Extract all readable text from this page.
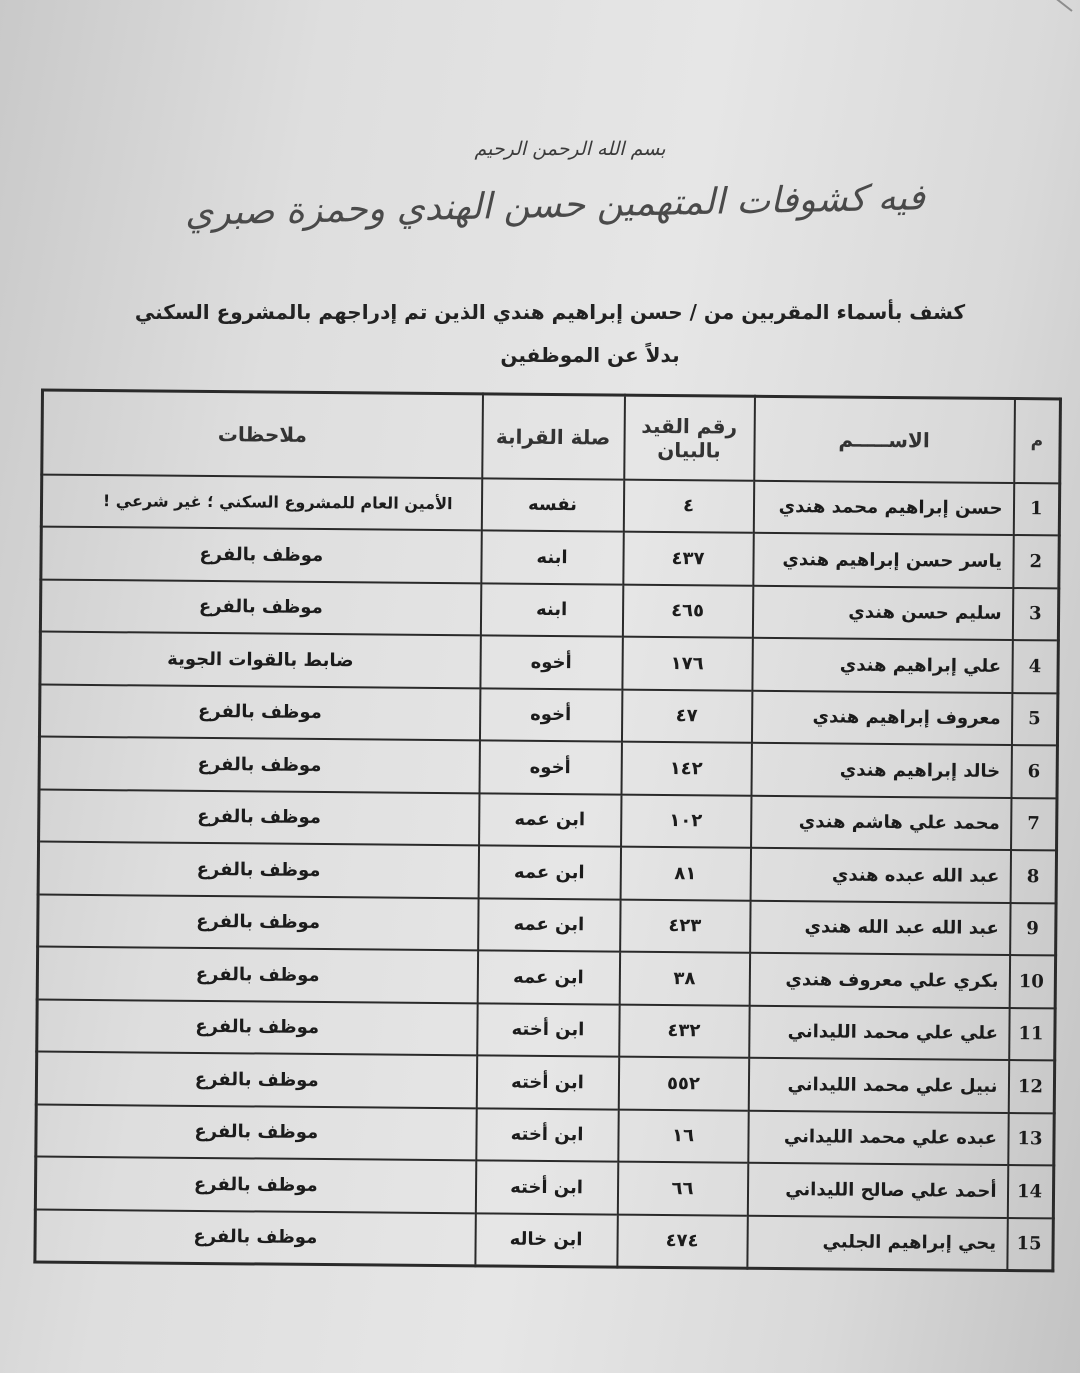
بسم الله الرحمن الرحيم
فيه كشوفات المتهمين حسن الهندي وحمزة صبري
كشف بأسماء المقربين من / حسن إبراهيم هندي الذين تم إدراجهم بالمشروع السكني
بدلاً عن الموظفين
م	الاســـــم	رقم القيد بالبيان	صلة القرابة	ملاحظات
1	حسن إبراهيم محمد هندي	٤	نفسه	الأمين العام للمشروع السكني ؛ غير شرعي !
2	ياسر حسن إبراهيم هندي	٤٣٧	ابنه	موظف بالفرع
3	سليم حسن هندي	٤٦٥	ابنه	موظف بالفرع
4	علي إبراهيم هندي	١٧٦	أخوه	ضابط بالقوات الجوية
5	معروف إبراهيم هندي	٤٧	أخوه	موظف بالفرع
6	خالد إبراهيم هندي	١٤٢	أخوه	موظف بالفرع
7	محمد علي هاشم هندي	١٠٢	ابن عمه	موظف بالفرع
8	عبد الله عبده هندي	٨١	ابن عمه	موظف بالفرع
9	عبد الله عبد الله هندي	٤٢٣	ابن عمه	موظف بالفرع
10	بكري علي معروف هندي	٣٨	ابن عمه	موظف بالفرع
11	علي علي محمد الليداني	٤٣٢	ابن أخته	موظف بالفرع
12	نبيل علي محمد الليداني	٥٥٢	ابن أخته	موظف بالفرع
13	عبده علي محمد الليداني	١٦	ابن أخته	موظف بالفرع
14	أحمد علي صالح الليداني	٦٦	ابن أخته	موظف بالفرع
15	يحي إبراهيم الجلبي	٤٧٤	ابن خاله	موظف بالفرع
